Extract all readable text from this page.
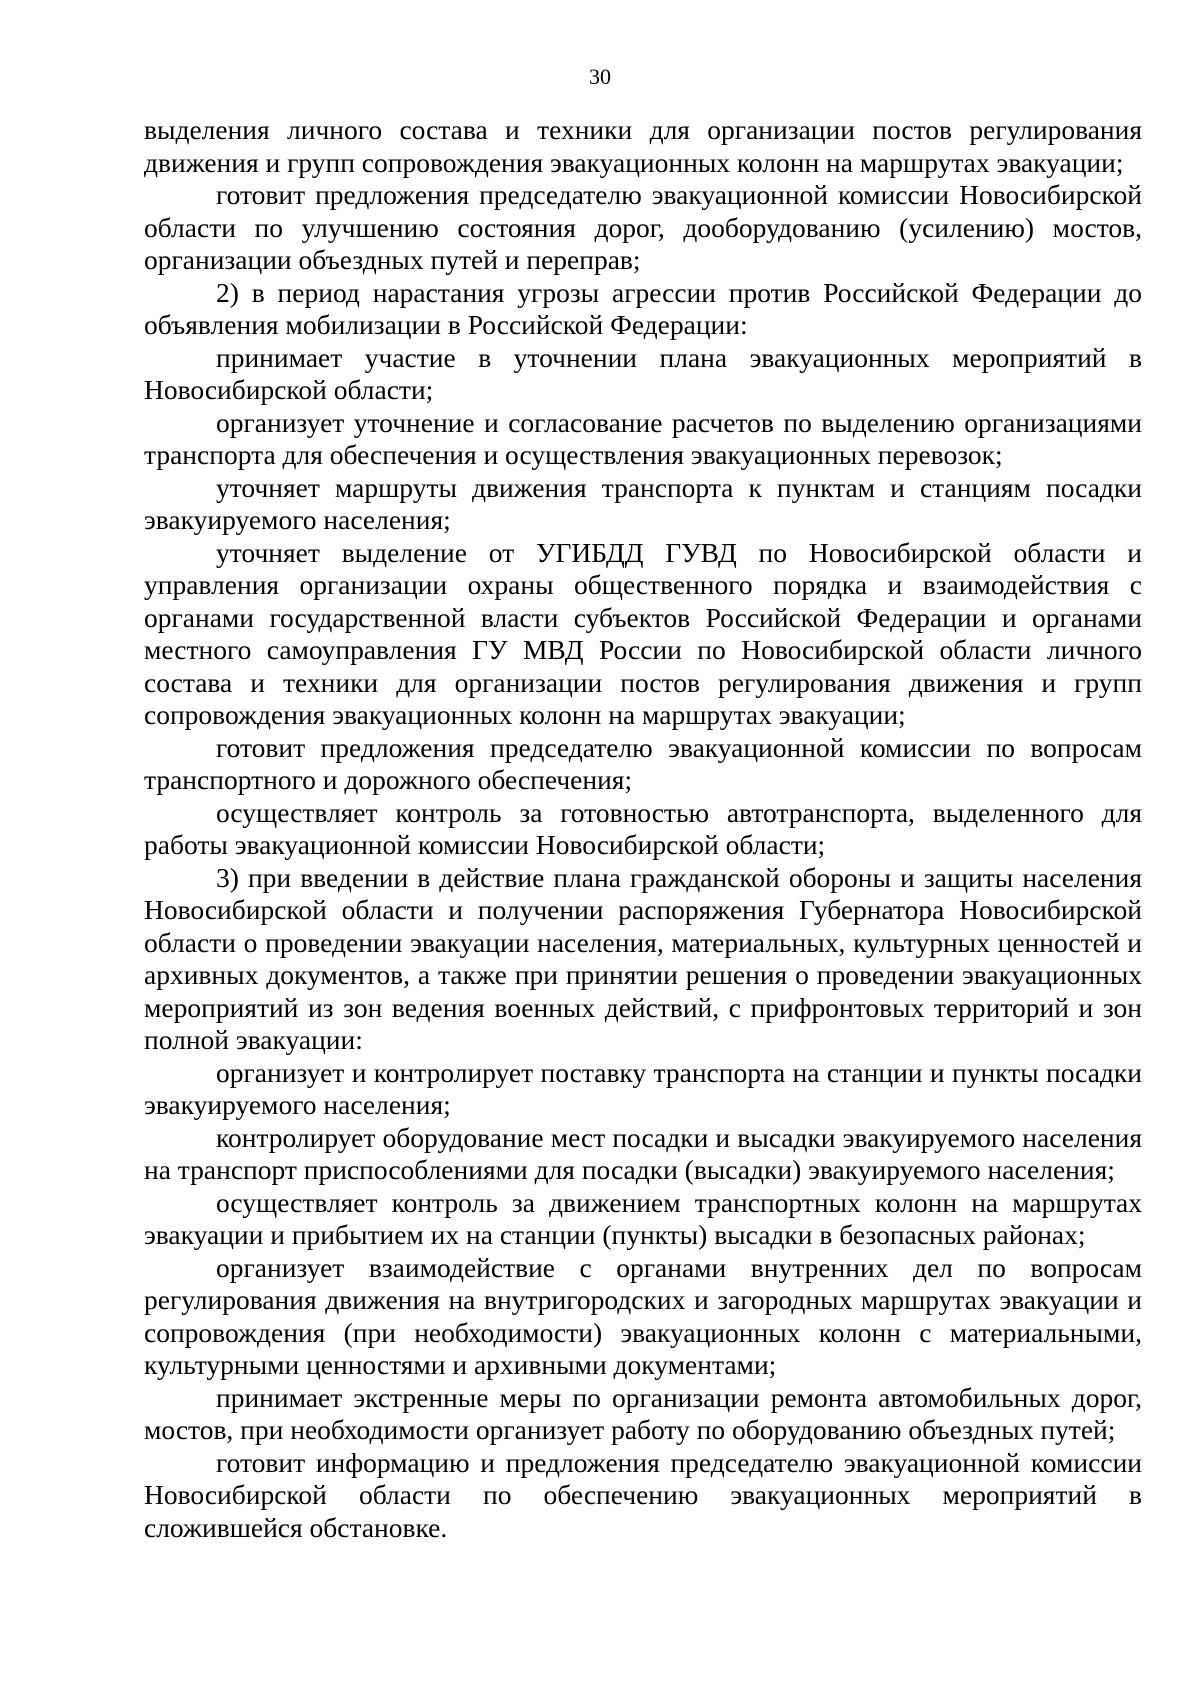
30

выделения личного состава и техники для организации постов регулирования движения и групп сопровождения эвакуационных колонн на маршрутах эвакуации;

готовит предложения председателю эвакуационной комиссии Новосибирской области по улучшению состояния дорог, дооборудованию (усилению) мостов, организации объездных путей и переправ;

2) в период нарастания угрозы агрессии против Российской Федерации до объявления мобилизации в Российской Федерации:

принимает участие в уточнении плана эвакуационных мероприятий в Новосибирской области;

организует уточнение и согласование расчетов по выделению организациями транспорта для обеспечения и осуществления эвакуационных перевозок;

уточняет маршруты движения транспорта к пунктам и станциям посадки эвакуируемого населения;

уточняет выделение от УГИБДД ГУВД по Новосибирской области и управления организации охраны общественного порядка и взаимодействия с органами государственной власти субъектов Российской Федерации и органами местного самоуправления ГУ МВД России по Новосибирской области личного состава и техники для организации постов регулирования движения и групп сопровождения эвакуационных колонн на маршрутах эвакуации;

готовит предложения председателю эвакуационной комиссии по вопросам транспортного и дорожного обеспечения;

осуществляет контроль за готовностью автотранспорта, выделенного для работы эвакуационной комиссии Новосибирской области;

3) при введении в действие плана гражданской обороны и защиты населения Новосибирской области и получении распоряжения Губернатора Новосибирской области о проведении эвакуации населения, материальных, культурных ценностей и архивных документов, а также при принятии решения о проведении эвакуационных мероприятий из зон ведения военных действий, с прифронтовых территорий и зон полной эвакуации:

организует и контролирует поставку транспорта на станции и пункты посадки эвакуируемого населения;

контролирует оборудование мест посадки и высадки эвакуируемого населения на транспорт приспособлениями для посадки (высадки) эвакуируемого населения;

осуществляет контроль за движением транспортных колонн на маршрутах эвакуации и прибытием их на станции (пункты) высадки в безопасных районах;

организует взаимодействие с органами внутренних дел по вопросам регулирования движения на внутригородских и загородных маршрутах эвакуации и сопровождения (при необходимости) эвакуационных колонн с материальными, культурными ценностями и архивными документами;

принимает экстренные меры по организации ремонта автомобильных дорог, мостов, при необходимости организует работу по оборудованию объездных путей;

готовит информацию и предложения председателю эвакуационной комиссии Новосибирской области по обеспечению эвакуационных мероприятий в сложившейся обстановке.
